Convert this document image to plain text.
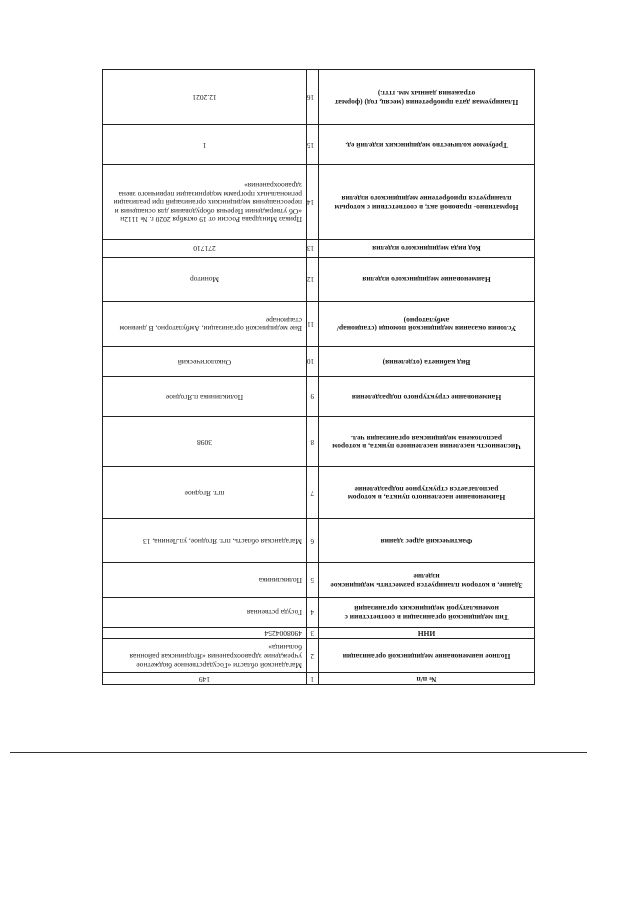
№ п/п	1	149
Полное наименование медицинской организации	2	Магаданской области «Государственное бюджетное учреждение здравоохранения «Ягоднинская районная больница»
ИНН	3	4908004254
Тип медицинской организации в соответствии с номенклатурой медицинских организаций	4	Госуда рственная
Здание, в котором планируется разместить медицинское изделие	5	Поликлиника
Фактический адрес здания	6	Магаданская область, пгт. Ягодное, ул.Ленина, 13
Наименование населенного пункта, в котором располагается структурное подразделение	7	пгт. Ягодное
Численность населения населенного пункта, в котором расположена медицинская организация чел.	8	3098
Наименование структурного подразделения	9	Поликлиника п.Ягодное
Вид кабинета (отделения)	10	Онкологический
Условия оказания медицинской помощи (стационар/ амбулаторно)	11	Вне медицинской организации, Амбулаторно, В дневном стационаре
Наименование медицинского изделия	12	Монитор
Код вида медицинского изделия	13	271710
Нормативно- правовой акт, в соответствии с которым планируется приобретение медицинского изделия	14	Приказ Минздрава России от 19 октября 2020 г. № 1112н «Об утверждении Перечня оборудования для оснащения и переоснащения медицинских организаций при реализации региональных программ модернизации первичного звена здравоохранения»
Требуемое количество медицинских изделий ед.	15	1
Планируемая дата приобретения (месяц, год) (формат отражения данных мм. гггг.)	16	12.2021
